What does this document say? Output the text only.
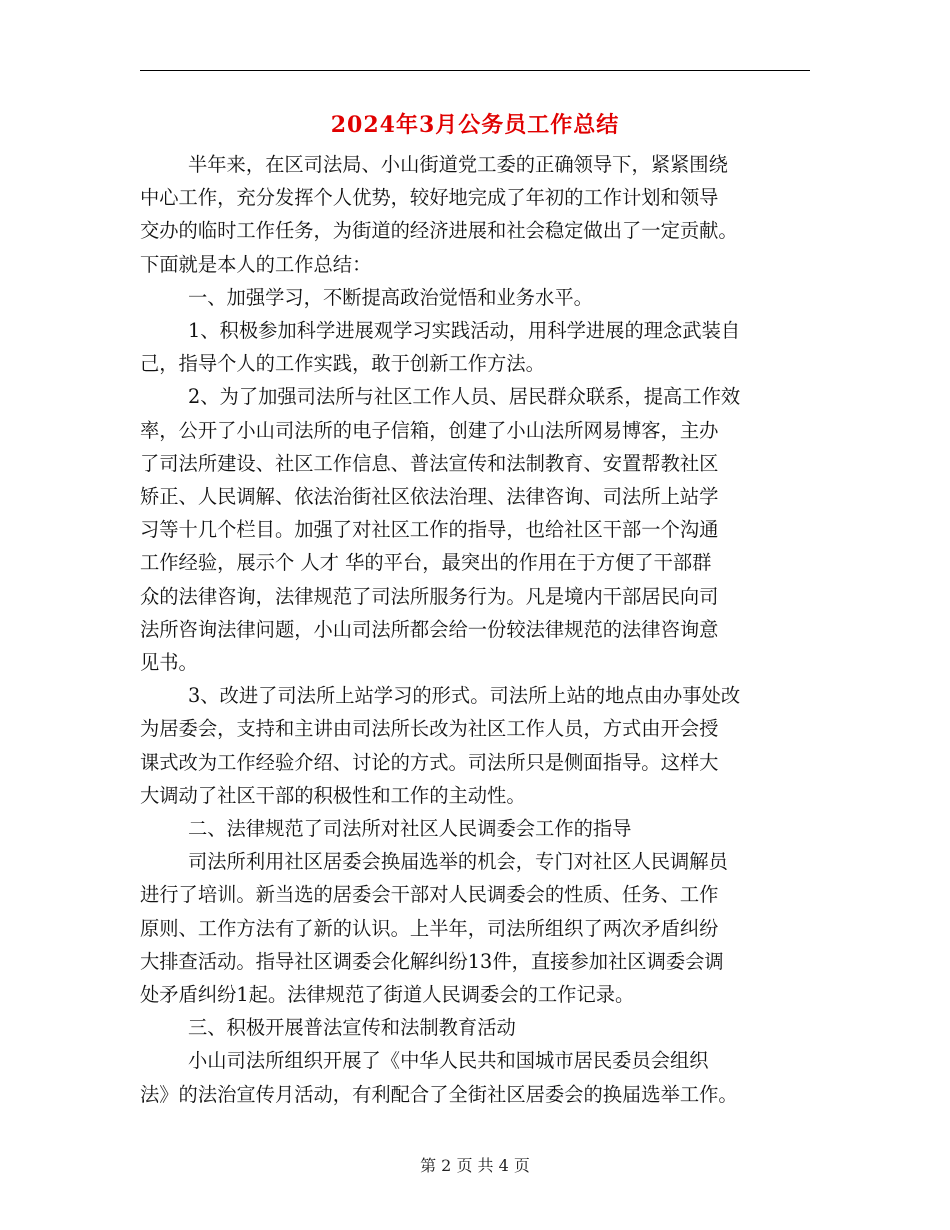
2024年3月公务员工作总结

半年来，在区司法局、小山街道党工委的正确领导下，紧紧围绕
中心工作，充分发挥个人优势，较好地完成了年初的工作计划和领导
交办的临时工作任务，为街道的经济进展和社会稳定做出了一定贡献。
下面就是本人的工作总结：

一、加强学习，不断提高政治觉悟和业务水平。

1、积极参加科学进展观学习实践活动，用科学进展的理念武装自
己，指导个人的工作实践，敢于创新工作方法。

2、为了加强司法所与社区工作人员、居民群众联系，提高工作效
率，公开了小山司法所的电子信箱，创建了小山法所网易博客，主办
了司法所建设、社区工作信息、普法宣传和法制教育、安置帮教社区
矫正、人民调解、依法治街社区依法治理、法律咨询、司法所上站学
习等十几个栏目。加强了对社区工作的指导，也给社区干部一个沟通
工作经验，展示个 人才 华的平台，最突出的作用在于方便了干部群
众的法律咨询，法律规范了司法所服务行为。凡是境内干部居民向司
法所咨询法律问题，小山司法所都会给一份较法律规范的法律咨询意
见书。

3、改进了司法所上站学习的形式。司法所上站的地点由办事处改
为居委会，支持和主讲由司法所长改为社区工作人员，方式由开会授
课式改为工作经验介绍、讨论的方式。司法所只是侧面指导。这样大
大调动了社区干部的积极性和工作的主动性。

二、法律规范了司法所对社区人民调委会工作的指导

司法所利用社区居委会换届选举的机会，专门对社区人民调解员
进行了培训。新当选的居委会干部对人民调委会的性质、任务、工作
原则、工作方法有了新的认识。上半年，司法所组织了两次矛盾纠纷
大排查活动。指导社区调委会化解纠纷13件，直接参加社区调委会调
处矛盾纠纷1起。法律规范了街道人民调委会的工作记录。

三、积极开展普法宣传和法制教育活动

小山司法所组织开展了《中华人民共和国城市居民委员会组织
法》的法治宣传月活动，有利配合了全街社区居委会的换届选举工作。

第 2 页 共 4 页
